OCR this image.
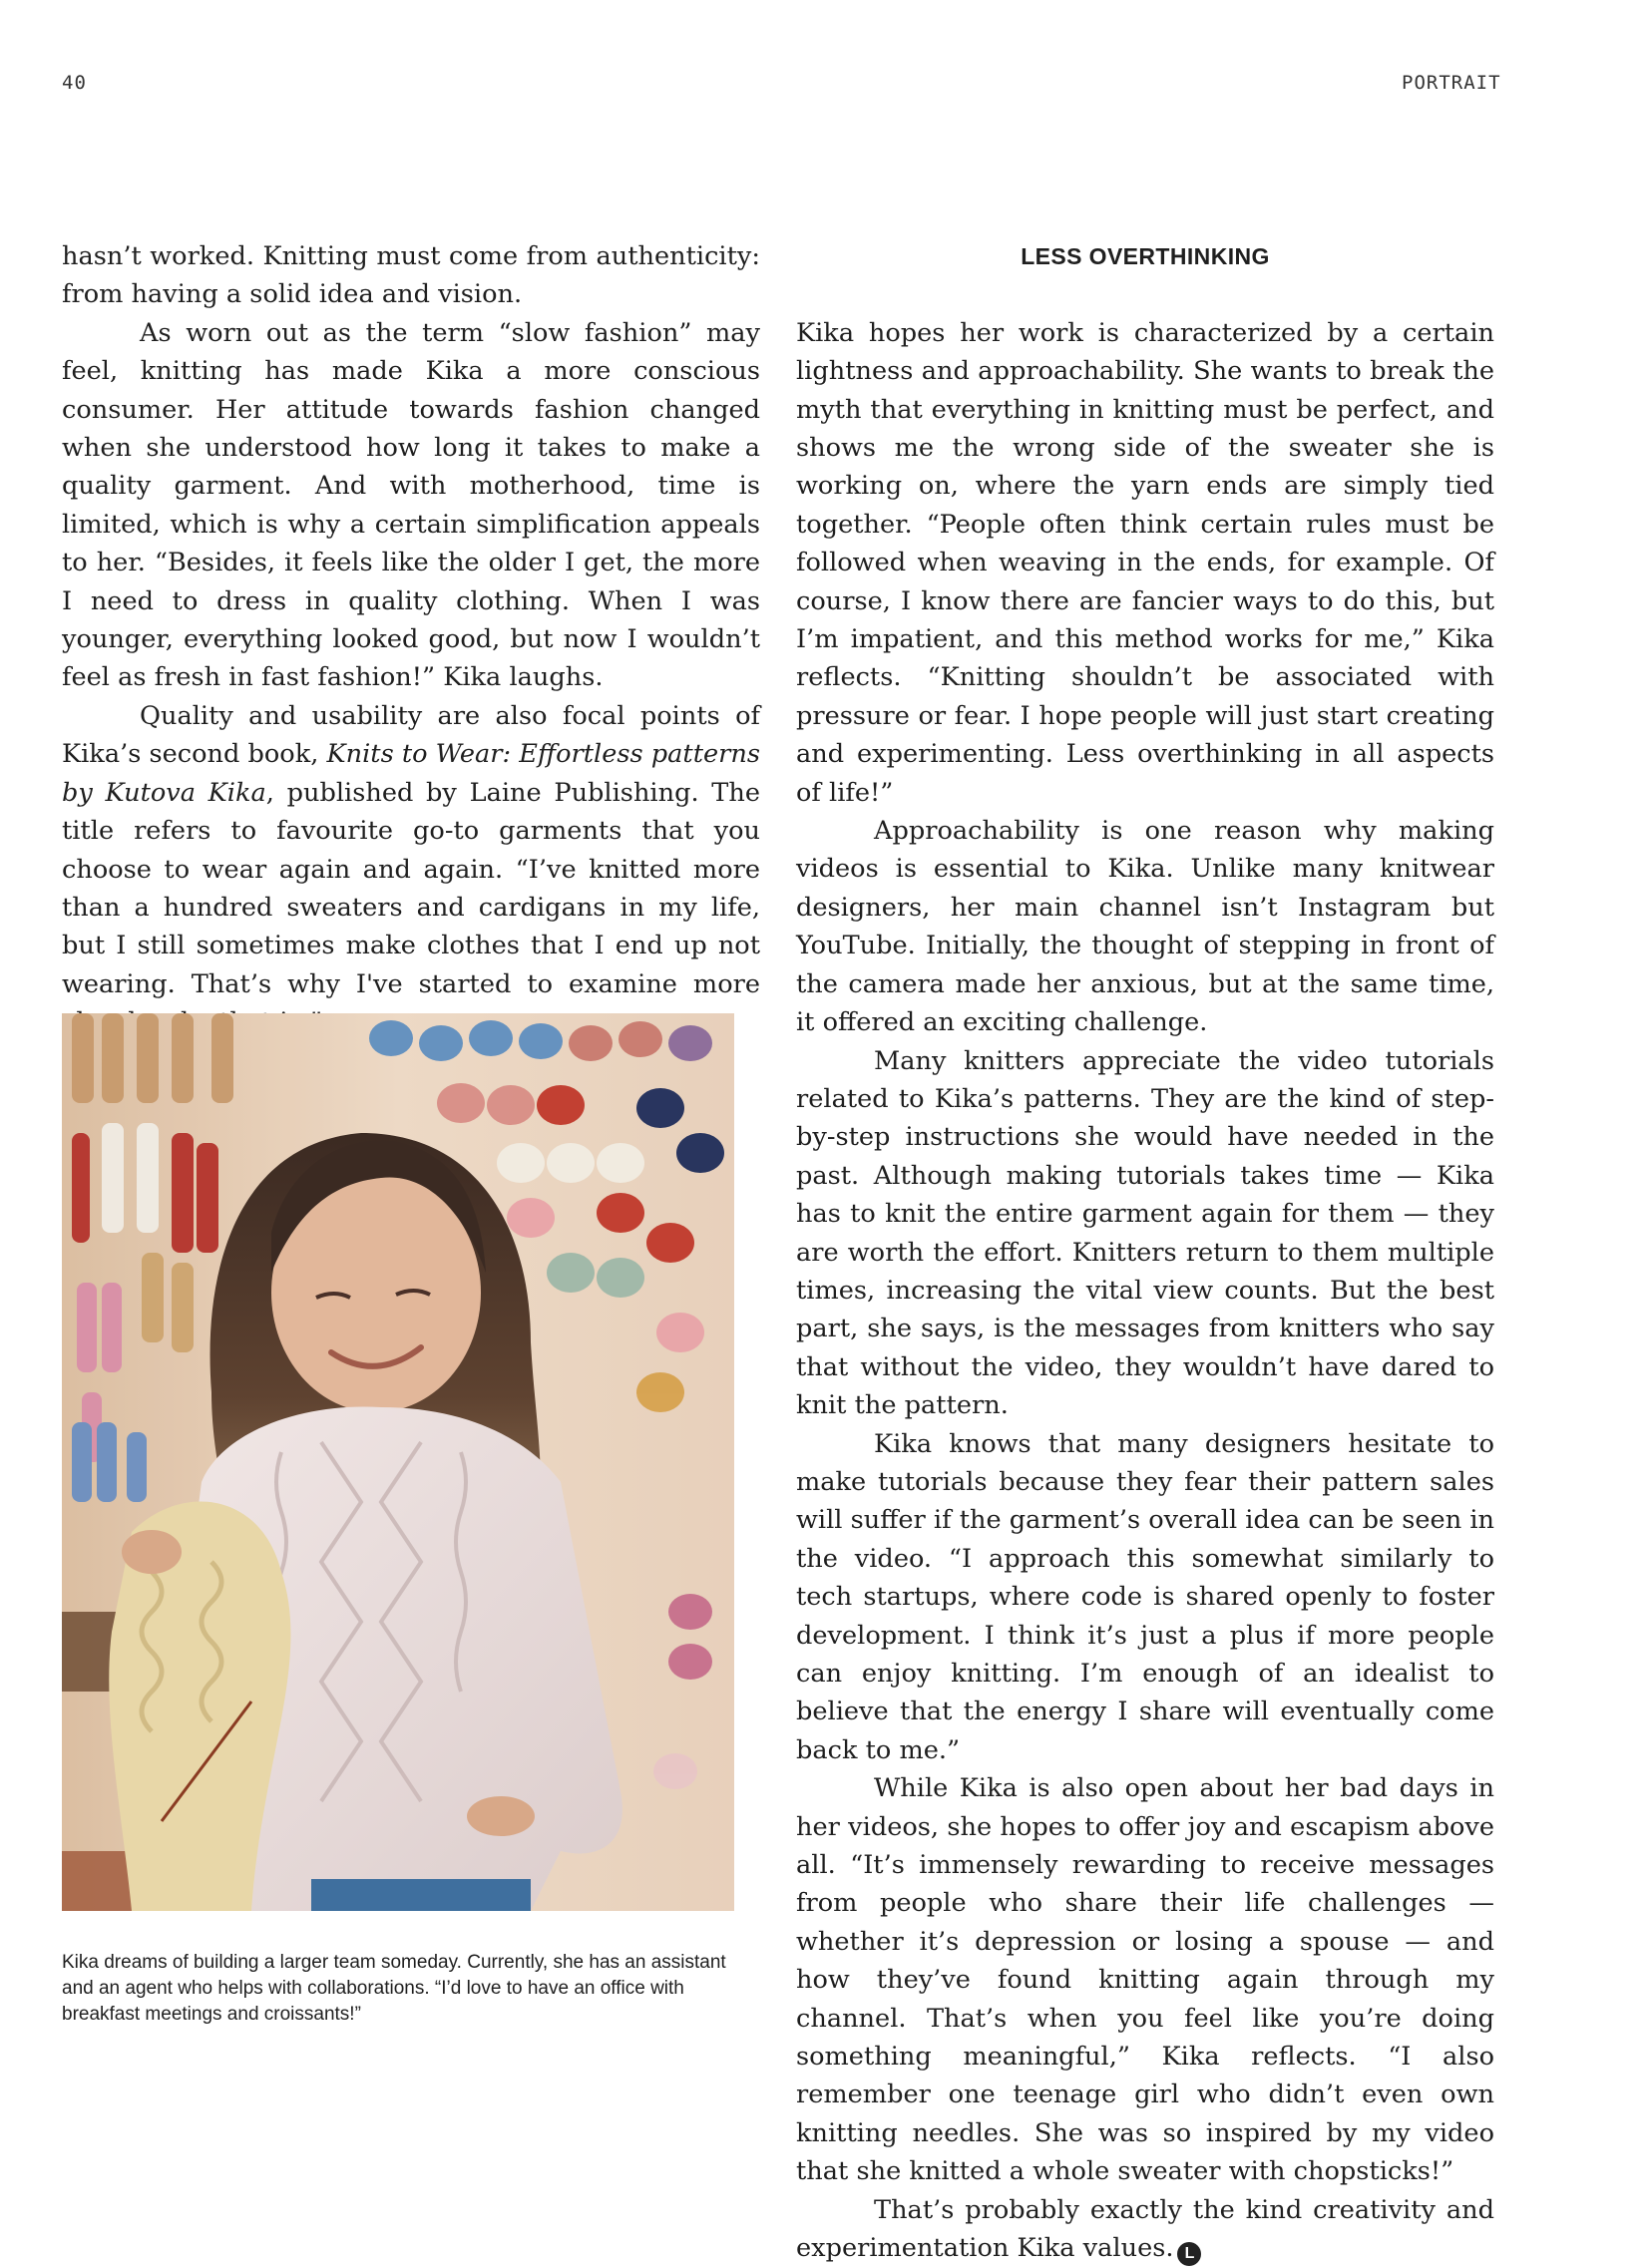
40	PORTRAIT

hasn’t worked. Knitting must come from authenticity: from having a solid idea and vision.

As worn out as the term “slow fashion” may feel, knitting has made Kika a more conscious consumer. Her attitude towards fashion changed when she understood how long it takes to make a quality garment. And with motherhood, time is limited, which is why a certain simplification appeals to her. “Besides, it feels like the older I get, the more I need to dress in quality clothing. When I was younger, everything looked good, but now I wouldn’t feel as fresh in fast fashion!” Kika laughs.

Quality and usability are also focal points of Kika’s second book, Knits to Wear: Effortless patterns by Kutova Kika, published by Laine Publishing. The title refers to favourite go-to garments that you choose to wear again and again. “I’ve knitted more than a hundred sweaters and cardigans in my life, but I still sometimes make clothes that I end up not wearing. That’s why I've started to examine more

Kika dreams of building a larger team someday. Currently, she has an assistant and an agent who helps with collaborations. “I’d love to have an office with breakfast meetings and croissants!”

LESS OVERTHINKING

Kika hopes her work is characterized by a certain lightness and approachability. She wants to break the myth that everything in knitting must be perfect, and shows me the wrong side of the sweater she is working on, where the yarn ends are simply tied together. “People often think certain rules must be followed when weaving in the ends, for example. Of course, I know there are fancier ways to do this, but I’m impatient, and this method works for me,” Kika reflects. “Knitting shouldn’t be associated with pressure or fear. I hope people will just start creating and experimenting. Less overthinking in all aspects of life!”

Approachability is one reason why making videos is essential to Kika. Unlike many knitwear designers, her main channel isn’t Instagram but YouTube. Initially, the thought of stepping in front of the camera made her anxious, but at the same time, it offered an exciting challenge.

Many knitters appreciate the video tutorials related to Kika’s patterns. They are the kind of step-by-step instructions she would have needed in the past. Although making tutorials takes time — Kika has to knit the entire garment again for them — they are worth the effort. Knitters return to them multiple times, increasing the vital view counts. But the best part, she says, is the messages from knitters who say that without the video, they wouldn’t have dared to knit the pattern.

Kika knows that many designers hesitate to make tutorials because they fear their pattern sales will suffer if the garment’s overall idea can be seen in the video. “I approach this somewhat similarly to tech startups, where code is shared openly to foster development. I think it’s just a plus if more people can enjoy knitting. I’m enough of an idealist to believe that the energy I share will eventually come back to me.”

While Kika is also open about her bad days in her videos, she hopes to offer joy and escapism above all. “It’s immensely rewarding to receive messages from people who share their life challenges — whether it’s depression or losing a spouse — and how they’ve found knitting again through my channel. That’s when you feel like you’re doing something meaningful,” Kika reflects. “I also remember one teenage girl who didn’t even own knitting needles. She was so inspired by my video that she knitted a whole sweater with chopsticks!”

That’s probably exactly the kind creativity and experimentation Kika values. L
